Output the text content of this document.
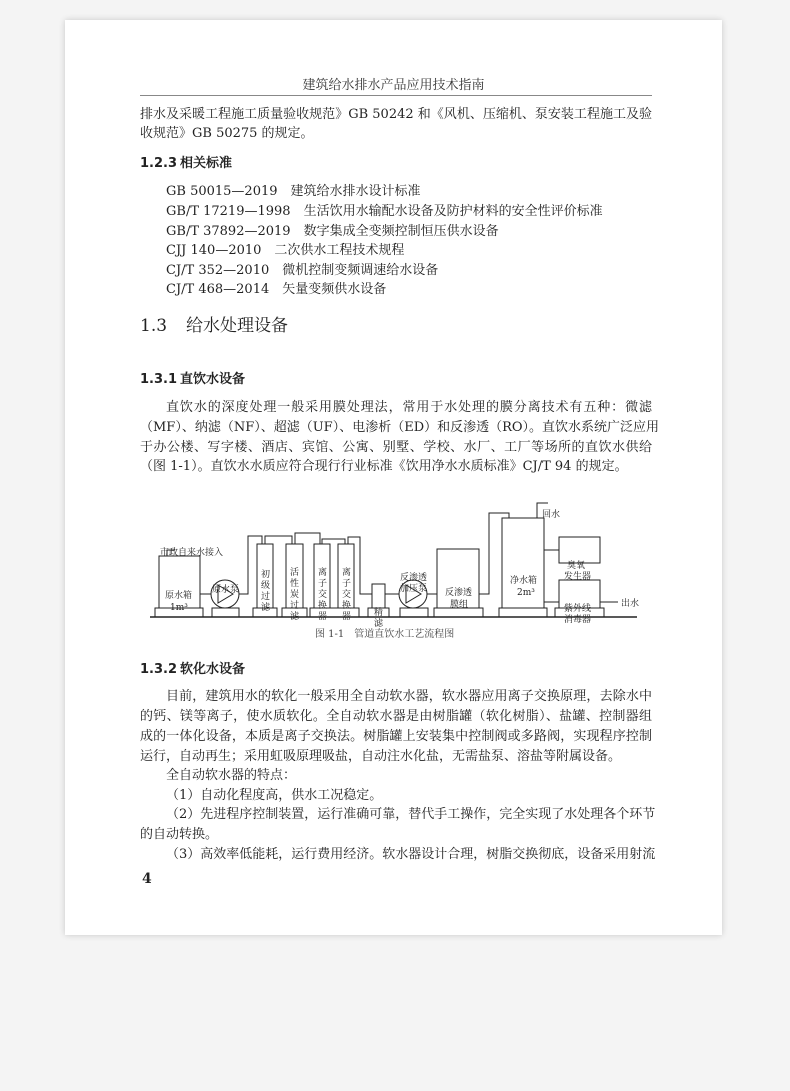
建筑给水排水产品应用技术指南
排水及采暖工程施工质量验收规范》GB 50242 和《风机、压缩机、泵安装工程施工及验
收规范》GB 50275 的规定。
1.2.3 相关标准
GB 50015—2019　 建筑给水排水设计标准
GB/T 17219—1998　 生活饮用水输配水设备及防护材料的安全性评价标准
GB/T 37892—2019　 数字集成全变频控制恒压供水设备
CJJ 140—2010　 二次供水工程技术规程
CJ/T 352—2010　 微机控制变频调速给水设备
CJ/T 468—2014　 矢量变频供水设备
1.3 给水处理设备
1.3.1 直饮水设备
直饮水的深度处理一般采用膜处理法，常用于水处理的膜分离技术有五种：微滤
（MF）、纳滤（NF）、超滤（UF）、电渗析（ED）和反渗透（RO）。直饮水系统广泛应用
于办公楼、写字楼、酒店、宾馆、公寓、别墅、学校、水厂、工厂等场所的直饮水供给
（图 1-1）。直饮水水质应符合现行行业标准《饮用净水水质标准》CJ/T 94 的规定。
市政自来水接入
原水箱
1m³
原水泵
初
级
过
滤
活
性
炭
过
滤
离
子
交
换
器
离
子
交
换
器	精
滤
反渗透
加压泵 反渗透
膜组
净水箱
2m³
回水
臭氧
发生器
紫外线
消毒器
出水
图 1-1　管道直饮水工艺流程图
1.3.2 软化水设备
目前，建筑用水的软化一般采用全自动软水器，软水器应用离子交换原理，去除水中
的钙、镁等离子，使水质软化。全自动软水器是由树脂罐（软化树脂）、盐罐、控制器组
成的一体化设备，本质是离子交换法。树脂罐上安装集中控制阀或多路阀，实现程序控制
运行，自动再生；采用虹吸原理吸盐，自动注水化盐，无需盐泵、溶盐等附属设备。
全自动软水器的特点：
（1）自动化程度高，供水工况稳定。
（2）先进程序控制装置，运行准确可靠，替代手工操作，完全实现了水处理各个环节
的自动转换。
（3）高效率低能耗，运行费用经济。软水器设计合理，树脂交换彻底，设备采用射流
4
